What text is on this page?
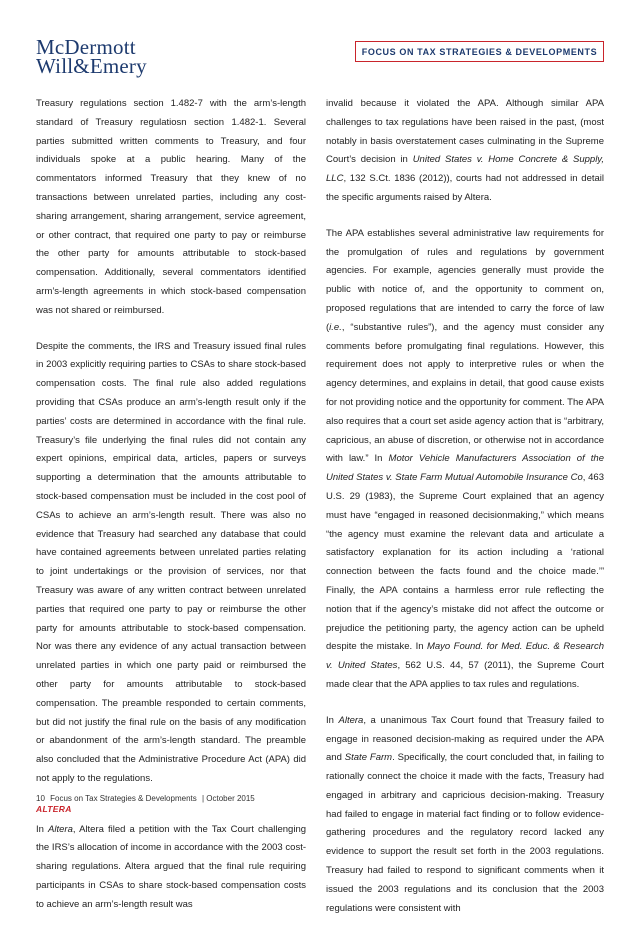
McDermott
Will&Emery
FOCUS ON TAX STRATEGIES & DEVELOPMENTS

Treasury regulations section 1.482-7 with the arm’s-length standard of Treasury regulatiosn section 1.482-1. Several parties submitted written comments to Treasury, and four individuals spoke at a public hearing. Many of the commentators informed Treasury that they knew of no transactions between unrelated parties, including any cost-sharing arrangement, sharing arrangement, service agreement, or other contract, that required one party to pay or reimburse the other party for amounts attributable to stock-based compensation. Additionally, several commentators identified arm’s-length agreements in which stock-based compensation was not shared or reimbursed.

Despite the comments, the IRS and Treasury issued final rules in 2003 explicitly requiring parties to CSAs to share stock-based compensation costs. The final rule also added regulations providing that CSAs produce an arm’s-length result only if the parties’ costs are determined in accordance with the final rule. Treasury’s file underlying the final rules did not contain any expert opinions, empirical data, articles, papers or surveys supporting a determination that the amounts attributable to stock-based compensation must be included in the cost pool of CSAs to achieve an arm’s-length result. There was also no evidence that Treasury had searched any database that could have contained agreements between unrelated parties relating to joint undertakings or the provision of services, nor that Treasury was aware of any written contract between unrelated parties that required one party to pay or reimburse the other party for amounts attributable to stock-based compensation. Nor was there any evidence of any actual transaction between unrelated parties in which one party paid or reimbursed the other party for amounts attributable to stock-based compensation. The preamble responded to certain comments, but did not justify the final rule on the basis of any modification or abandonment of the arm’s-length standard. The preamble also concluded that the Administrative Procedure Act (APA) did not apply to the regulations.

ALTERA

In Altera, Altera filed a petition with the Tax Court challenging the IRS’s allocation of income in accordance with the 2003 cost-sharing regulations. Altera argued that the final rule requiring participants in CSAs to share stock-based compensation costs to achieve an arm’s-length result was

invalid because it violated the APA. Although similar APA challenges to tax regulations have been raised in the past, (most notably in basis overstatement cases culminating in the Supreme Court’s decision in United States v. Home Concrete & Supply, LLC, 132 S.Ct. 1836 (2012)), courts had not addressed in detail the specific arguments raised by Altera.

The APA establishes several administrative law requirements for the promulgation of rules and regulations by government agencies. For example, agencies generally must provide the public with notice of, and the opportunity to comment on, proposed regulations that are intended to carry the force of law (i.e., “substantive rules”), and the agency must consider any comments before promulgating final regulations. However, this requirement does not apply to interpretive rules or when the agency determines, and explains in detail, that good cause exists for not providing notice and the opportunity for comment. The APA also requires that a court set aside agency action that is “arbitrary, capricious, an abuse of discretion, or otherwise not in accordance with law.” In Motor Vehicle Manufacturers Association of the United States v. State Farm Mutual Automobile Insurance Co, 463 U.S. 29 (1983), the Supreme Court explained that an agency must have “engaged in reasoned decisionmaking,” which means “the agency must examine the relevant data and articulate a satisfactory explanation for its action including a ‘rational connection between the facts found and the choice made.’” Finally, the APA contains a harmless error rule reflecting the notion that if the agency’s mistake did not affect the outcome or prejudice the petitioning party, the agency action can be upheld despite the mistake. In Mayo Found. for Med. Educ. & Research v. United States, 562 U.S. 44, 57 (2011), the Supreme Court made clear that the APA applies to tax rules and regulations.

In Altera, a unanimous Tax Court found that Treasury failed to engage in reasoned decision-making as required under the APA and State Farm. Specifically, the court concluded that, in failing to rationally connect the choice it made with the facts, Treasury had engaged in arbitrary and capricious decision-making. Treasury had failed to engage in material fact finding or to follow evidence-gathering procedures and the regulatory record lacked any evidence to support the result set forth in the 2003 regulations. Treasury had failed to respond to significant comments when it issued the 2003 regulations and its conclusion that the 2003 regulations were consistent with

10 Focus on Tax Strategies & Developments | October 2015
